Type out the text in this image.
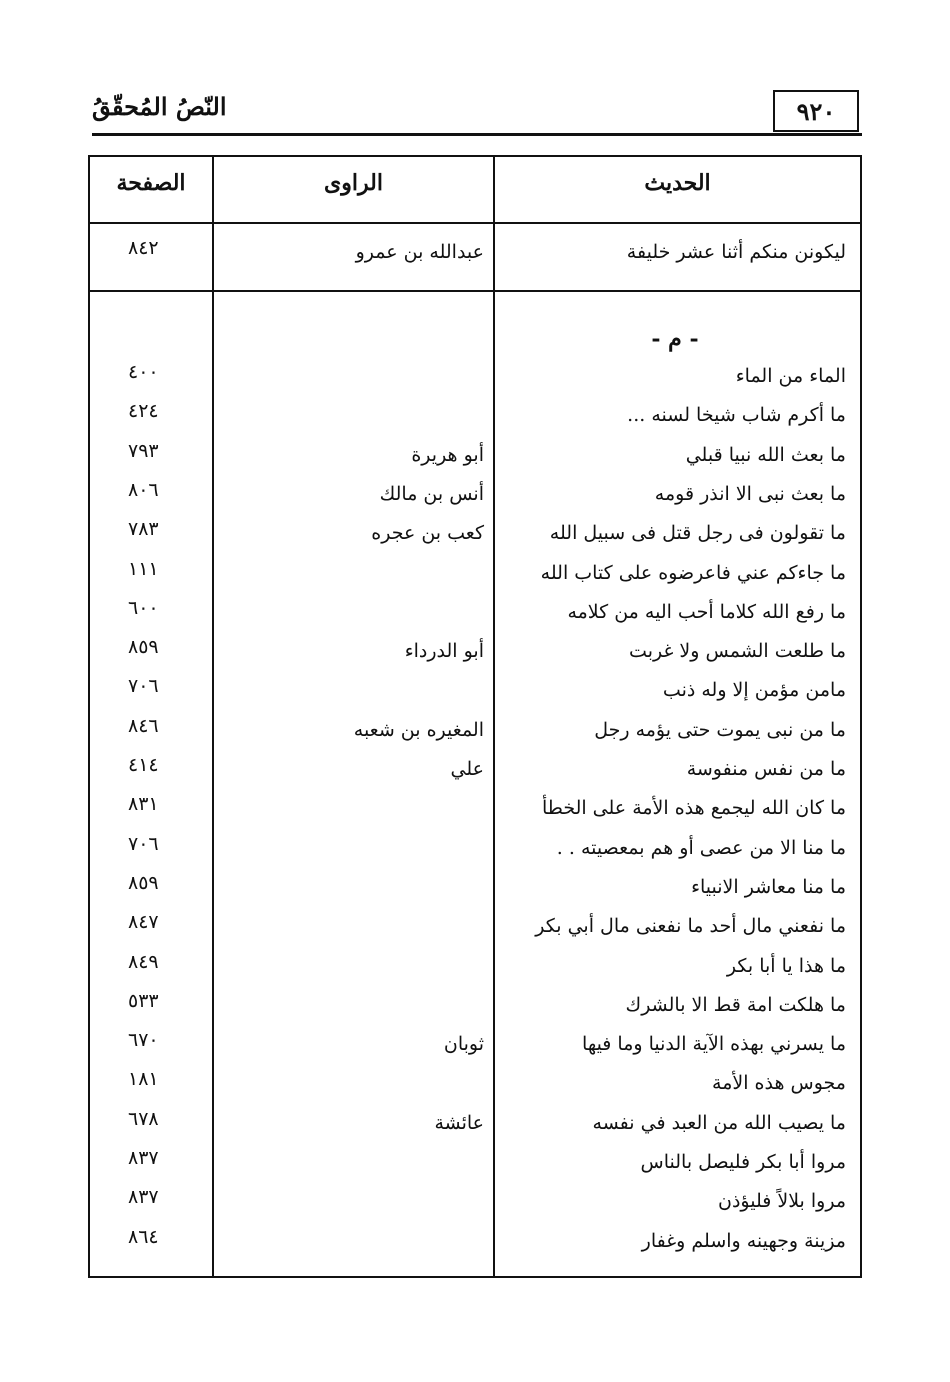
٩٢٠
النّصُ المُحقّقُ
الحديث
الراوى
الصفحة
ليكونن منكم أثنا عشر خليفة
عبدالله بن عمرو
٨٤٢
- م -
الماء من الماء
٤٠٠
ما أكرم شاب شيخا لسنه ...
٤٢٤
ما بعث الله نبيا قبلي
أبو هريرة
٧٩٣
ما بعث نبى الا انذر قومه
أنس بن مالك
٨٠٦
ما تقولون فى رجل قتل فى سبيل الله
كعب بن عجره
٧٨٣
ما جاءكم عني فاعرضوه على كتاب الله
١١١
ما رفع الله كلاما أحب اليه من كلامه
٦٠٠
ما طلعت الشمس ولا غربت
أبو الدرداء
٨٥٩
مامن مؤمن إلا وله ذنب
٧٠٦
ما من نبى يموت حتى يؤمه رجل
المغيره بن شعبه
٨٤٦
ما من نفس منفوسة
علي
٤١٤
ما كان الله ليجمع هذه الأمة على الخطأ
٨٣١
ما منا الا من عصى أو هم بمعصيته . .
٧٠٦
ما منا معاشر الانبياء
٨٥٩
ما نفعني مال أحد ما نفعنى مال أبي بكر
٨٤٧
ما هذا يا أبا بكر
٨٤٩
ما هلكت امة قط الا بالشرك
٥٣٣
ما يسرني بهذه الآية الدنيا وما فيها
ثوبان
٦٧٠
مجوس هذه الأمة
١٨١
ما يصيب الله من العبد في نفسه
عائشة
٦٧٨
مروا أبا بكر فليصل بالناس
٨٣٧
مروا بلالاً فليؤذن
٨٣٧
مزينة وجهينه واسلم وغفار
٨٦٤
